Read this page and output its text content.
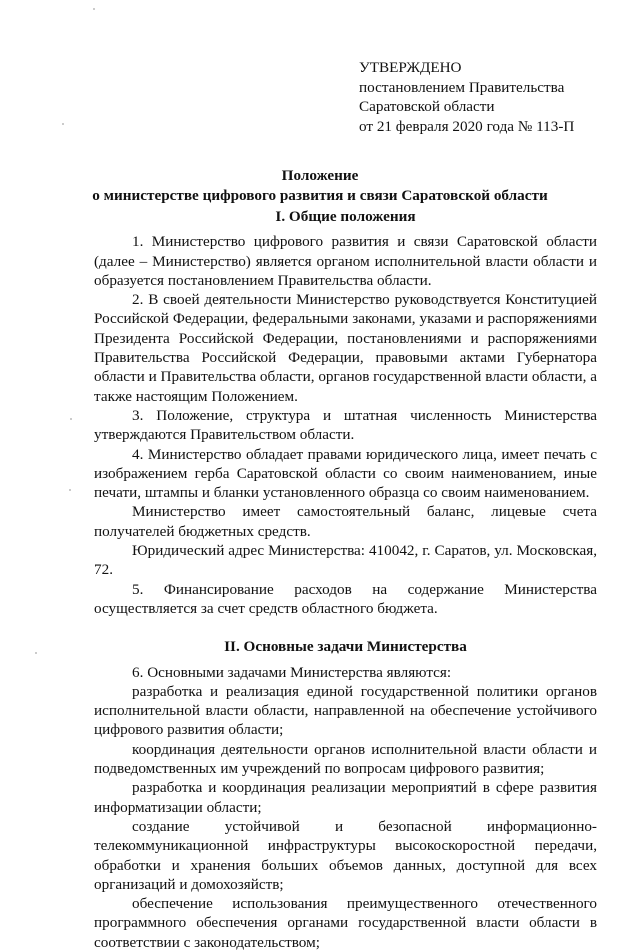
УТВЕРЖДЕНО
постановлением Правительства
Саратовской области
от 21 февраля 2020 года № 113-П
Положение
о министерстве цифрового развития и связи Саратовской области
I. Общие положения

1. Министерство цифрового развития и связи Саратовской области (далее – Министерство) является органом исполнительной власти области и образуется постановлением Правительства области.

2. В своей деятельности Министерство руководствуется Конституцией Российской Федерации, федеральными законами, указами и распоряжениями Президента Российской Федерации, постановлениями и распоряжениями Правительства Российской Федерации, правовыми актами Губернатора области и Правительства области, органов государственной власти области, а также настоящим Положением.

3. Положение, структура и штатная численность Министерства утверждаются Правительством области.

4. Министерство обладает правами юридического лица, имеет печать с изображением герба Саратовской области со своим наименованием, иные печати, штампы и бланки установленного образца со своим наименованием.

Министерство имеет самостоятельный баланс, лицевые счета получателей бюджетных средств.

Юридический адрес Министерства: 410042, г. Саратов, ул. Московская, 72.

5. Финансирование расходов на содержание Министерства осуществляется за счет средств областного бюджета.

II. Основные задачи Министерства

6. Основными задачами Министерства являются:

разработка и реализация единой государственной политики органов исполнительной власти области, направленной на обеспечение устойчивого цифрового развития области;

координация деятельности органов исполнительной власти области и подведомственных им учреждений по вопросам цифрового развития;

разработка и координация реализации мероприятий в сфере развития информатизации области;

создание устойчивой и безопасной информационно-телекоммуникационной инфраструктуры высокоскоростной передачи, обработки и хранения больших объемов данных, доступной для всех организаций и домохозяйств;

обеспечение использования преимущественного отечественного программного обеспечения органами государственной власти области в соответствии с законодательством;
